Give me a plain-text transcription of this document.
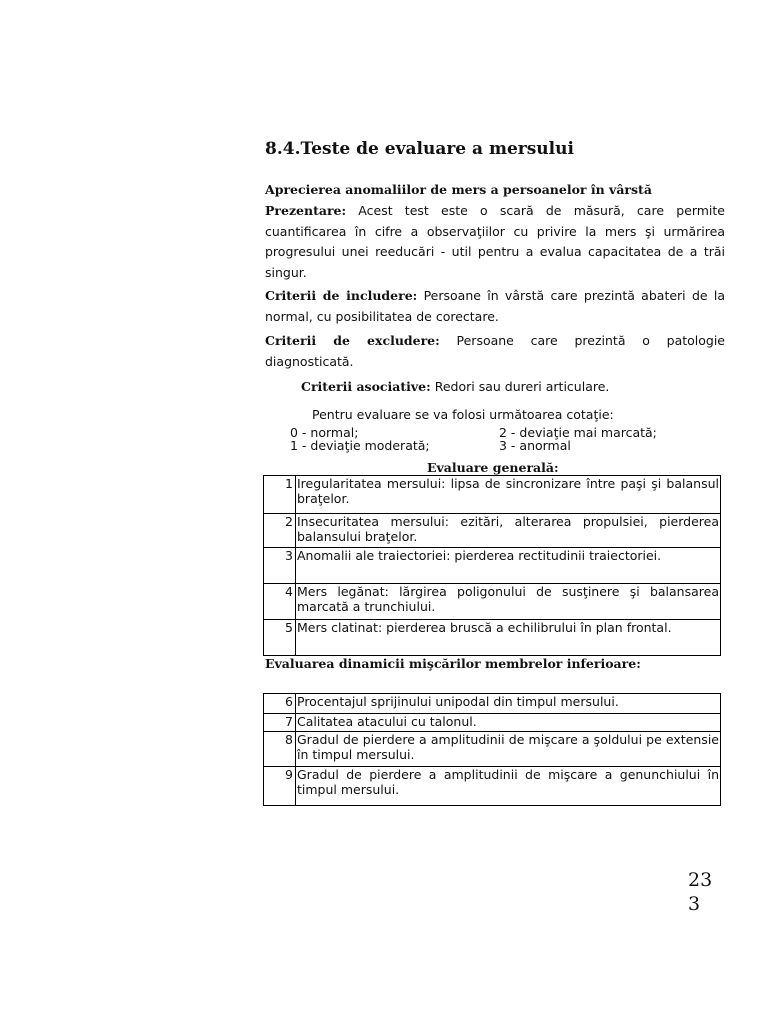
8.4.Teste de evaluare a mersului
Aprecierea anomaliilor de mers a persoanelor în vârstă
Prezentare: Acest test este o scară de măsură, care permite cuantificarea în cifre a observaţiilor cu privire la mers şi urmărirea progresului unei reeducări - util pentru a evalua capacitatea de a trăi singur.
Criterii de includere: Persoane în vârstă care prezintă abateri de la normal, cu posibilitatea de corectare.
Criterii de excludere: Persoane care prezintă o patologie diagnosticată.
Criterii asociative: Redori sau dureri articulare.
Pentru evaluare se va folosi următoarea cotaţie:
0 - normal;	2 - deviaţie mai marcată;
1 - deviaţie moderată;	3 - anormal
Evaluare generală:
1	Iregularitatea mersului: lipsa de sincronizare între paşi şi balansul braţelor.
2	Insecuritatea mersului: ezitări, alterarea propulsiei, pierderea balansului braţelor.
3	Anomalii ale traiectoriei: pierderea rectitudinii traiectoriei.
4	Mers legănat: lărgirea poligonului de susţinere şi balansarea marcată a trunchiului.
5	Mers clatinat: pierderea bruscă a echilibrului în plan frontal.
Evaluarea dinamicii mişcărilor membrelor inferioare:
6	Procentajul sprijinului unipodal din timpul mersului.
7	Calitatea atacului cu talonul.
8	Gradul de pierdere a amplitudinii de mişcare a şoldului pe extensie în timpul mersului.
9	Gradul de pierdere a amplitudinii de mişcare a genunchiului în timpul mersului.
23
3
